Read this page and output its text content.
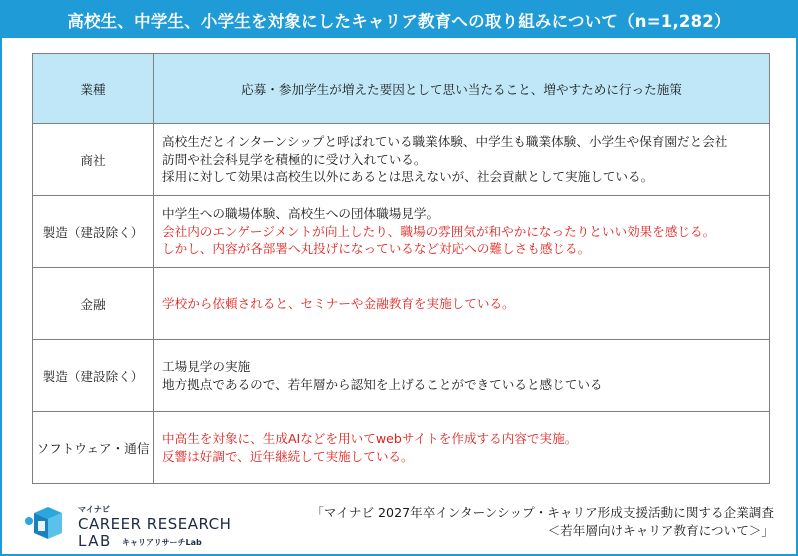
高校生、中学生、小学生を対象にしたキャリア教育への取り組みについて（n=1,282）
業種	応募・参加学生が増えた要因として思い当たること、増やすために行った施策
商社	高校生だとインターンシップと呼ばれている職業体験、中学生も職業体験、小学生や保育園だと会社
訪問や社会科見学を積極的に受け入れている。
採用に対して効果は高校生以外にあるとは思えないが、社会貢献として実施している。

製造（建設除く）	中学生への職場体験、高校生への団体職場見学。
会社内のエンゲージメントが向上したり、職場の雰囲気が和やかになったりといい効果を感じる。
しかし、内容が各部署へ丸投げになっているなど対応への難しさも感じる。

金融	学校から依頼されると、セミナーや金融教育を実施している。

製造（建設除く）	工場見学の実施
地方拠点であるので、若年層から認知を上げることができていると感じている

ソフトウェア・通信	中高生を対象に、生成AIなどを用いてwebサイトを作成する内容で実施。
反響は好調で、近年継続して実施している。
マイナビ
CAREER RESEARCH
LAB キャリアリサーチLab
「マイナビ 2027年卒インターンシップ・キャリア形成支援活動に関する企業調査
＜若年層向けキャリア教育について＞」
